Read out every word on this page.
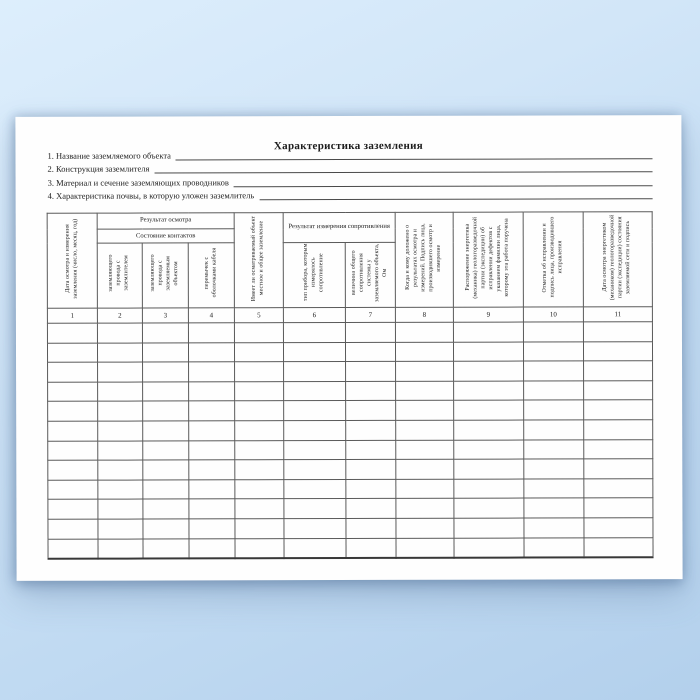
Характеристика заземления
1. Название заземляемого объекта
2. Конструкция заземлителя
3. Материал и сечение заземляющих проводников
4. Характеристика почвы, в которую уложен заземлитель
Дата осмотра и измерения заземления (число, месяц, год)	Результат осмотра			Имеет ли осматриваемый объект местное и общее заземление	Результат измерения сопротивления		Когда и кому доложено о результатах осмотра и измерений. Подпись лица, производившего осмотр и измерение	Распоряжение энергетика (механика) геологоразведочной партии (экспедиции) об исправлении дефектов с указанием фамилии лица, которому эта работа поручена	Отметка об исправлении и подпись лица, производившего исправления	Дата осмотра энергетиком (механиком) геологоразведочной партии (экспедиции) состояния заземляемой сети и подпись
	Состояние контактов									
	заземляющего провода с заземлителем	заземляющего провода с заземляемым объектом	перемычек с оболочками кабеля		тип прибора, которым измерялось сопротивление	величина общего сопротивления системы у заземляемого объекта, Ом				
1	2	3	4	5	6	7	8	9	10	11
